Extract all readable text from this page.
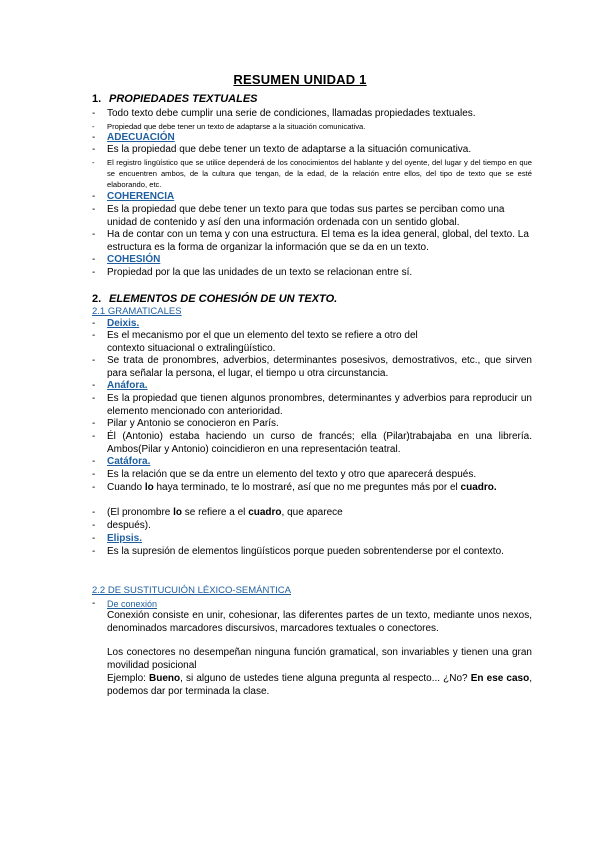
RESUMEN UNIDAD 1
1. PROPIEDADES TEXTUALES
- Todo texto debe cumplir una serie de condiciones, llamadas propiedades textuales.
- Propiedad que debe tener un texto de adaptarse a la situación comunicativa.
- ADECUACIÓN
- Es la propiedad que debe tener un texto de adaptarse a la situación comunicativa.
- El registro lingüístico que se utilice dependerá de los conocimientos del hablante y del oyente, del lugar y del tiempo en que se encuentren ambos, de la cultura que tengan, de la edad, de la relación entre ellos, del tipo de texto que se esté elaborando, etc.
- COHERENCIA
- Es la propiedad que debe tener un texto para que todas sus partes se perciban como una unidad de contenido y así den una información ordenada con un sentido global.
- Ha de contar con un tema y con una estructura. El tema es la idea general, global, del texto. La estructura es la forma de organizar la información que se da en un texto.
- COHESIÓN
- Propiedad por la que las unidades de un texto se relacionan entre sí.
2. ELEMENTOS DE COHESIÓN DE UN TEXTO.
2.1 GRAMATICALES
- Deixis.
- Es el mecanismo por el que un elemento del texto se refiere a otro del contexto situacional o extralingüístico.
- Se trata de pronombres, adverbios, determinantes posesivos, demostrativos, etc., que sirven para señalar la persona, el lugar, el tiempo u otra circunstancia.
- Anáfora.
- Es la propiedad que tienen algunos pronombres, determinantes y adverbios para reproducir un elemento mencionado con anterioridad.
- Pilar y Antonio se conocieron en París.
- Él (Antonio) estaba haciendo un curso de francés; ella (Pilar)trabajaba en una librería. Ambos(Pilar y Antonio) coincidieron en una representación teatral.
- Catáfora.
- Es la relación que se da entre un elemento del texto y otro que aparecerá después.
- Cuando lo haya terminado, te lo mostraré, así que no me preguntes más por el cuadro.
- (El pronombre lo se refiere a el cuadro, que aparece
- después).
- Elipsis.
- Es la supresión de elementos lingüísticos porque pueden sobrentenderse por el contexto.
2.2 DE SUSTITUCUIÓN LÉXICO-SEMÁNTICA
- De conexión
Conexión consiste en unir, cohesionar, las diferentes partes de un texto, mediante unos nexos, denominados marcadores discursivos, marcadores textuales o conectores.
Los conectores no desempeñan ninguna función gramatical, son invariables y tienen una gran movilidad posicional
Ejemplo: Bueno, si alguno de ustedes tiene alguna pregunta al respecto... ¿No? En ese caso, podemos dar por terminada la clase.
